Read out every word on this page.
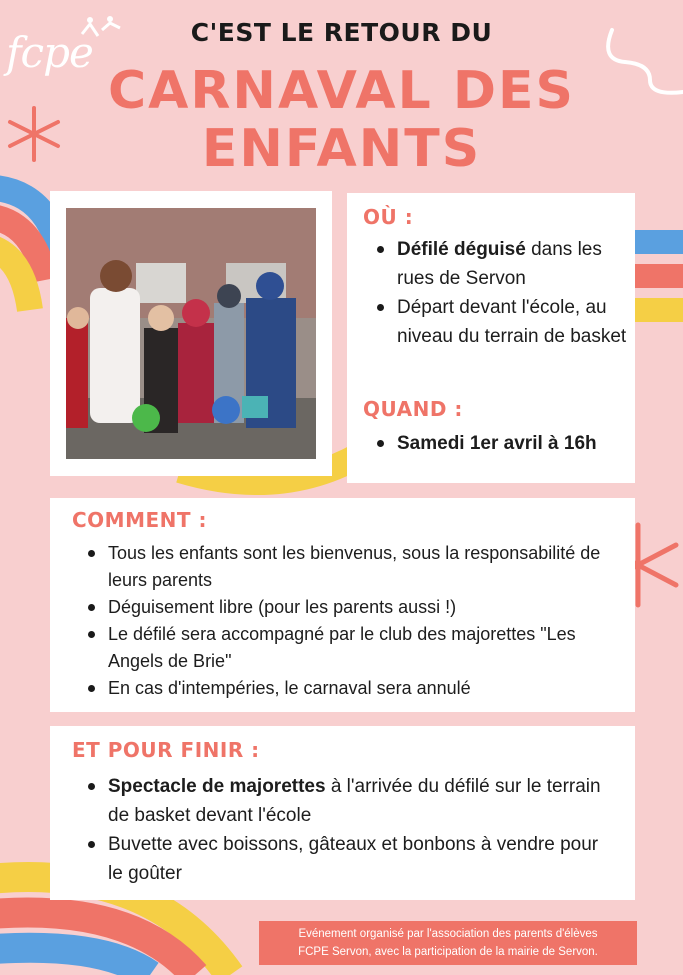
fcpe	C'EST LE RETOUR DU
CARNAVAL DES
ENFANTS
OÙ :
Défilé déguisé dans les rues de Servon
Départ devant l'école, au niveau du terrain de basket
QUAND :
Samedi 1er avril à 16h
COMMENT :
Tous les enfants sont les bienvenus, sous la responsabilité de leurs parents
Déguisement libre (pour les parents aussi !)
Le défilé sera accompagné par le club des majorettes "Les Angels de Brie"
En cas d'intempéries, le carnaval sera annulé
ET POUR FINIR :
Spectacle de majorettes à l'arrivée du défilé sur le terrain de basket devant l'école
Buvette avec boissons, gâteaux et bonbons à vendre pour le goûter
Evénement organisé par l'association des parents d'élèves
FCPE Servon, avec la participation de la mairie de Servon.
